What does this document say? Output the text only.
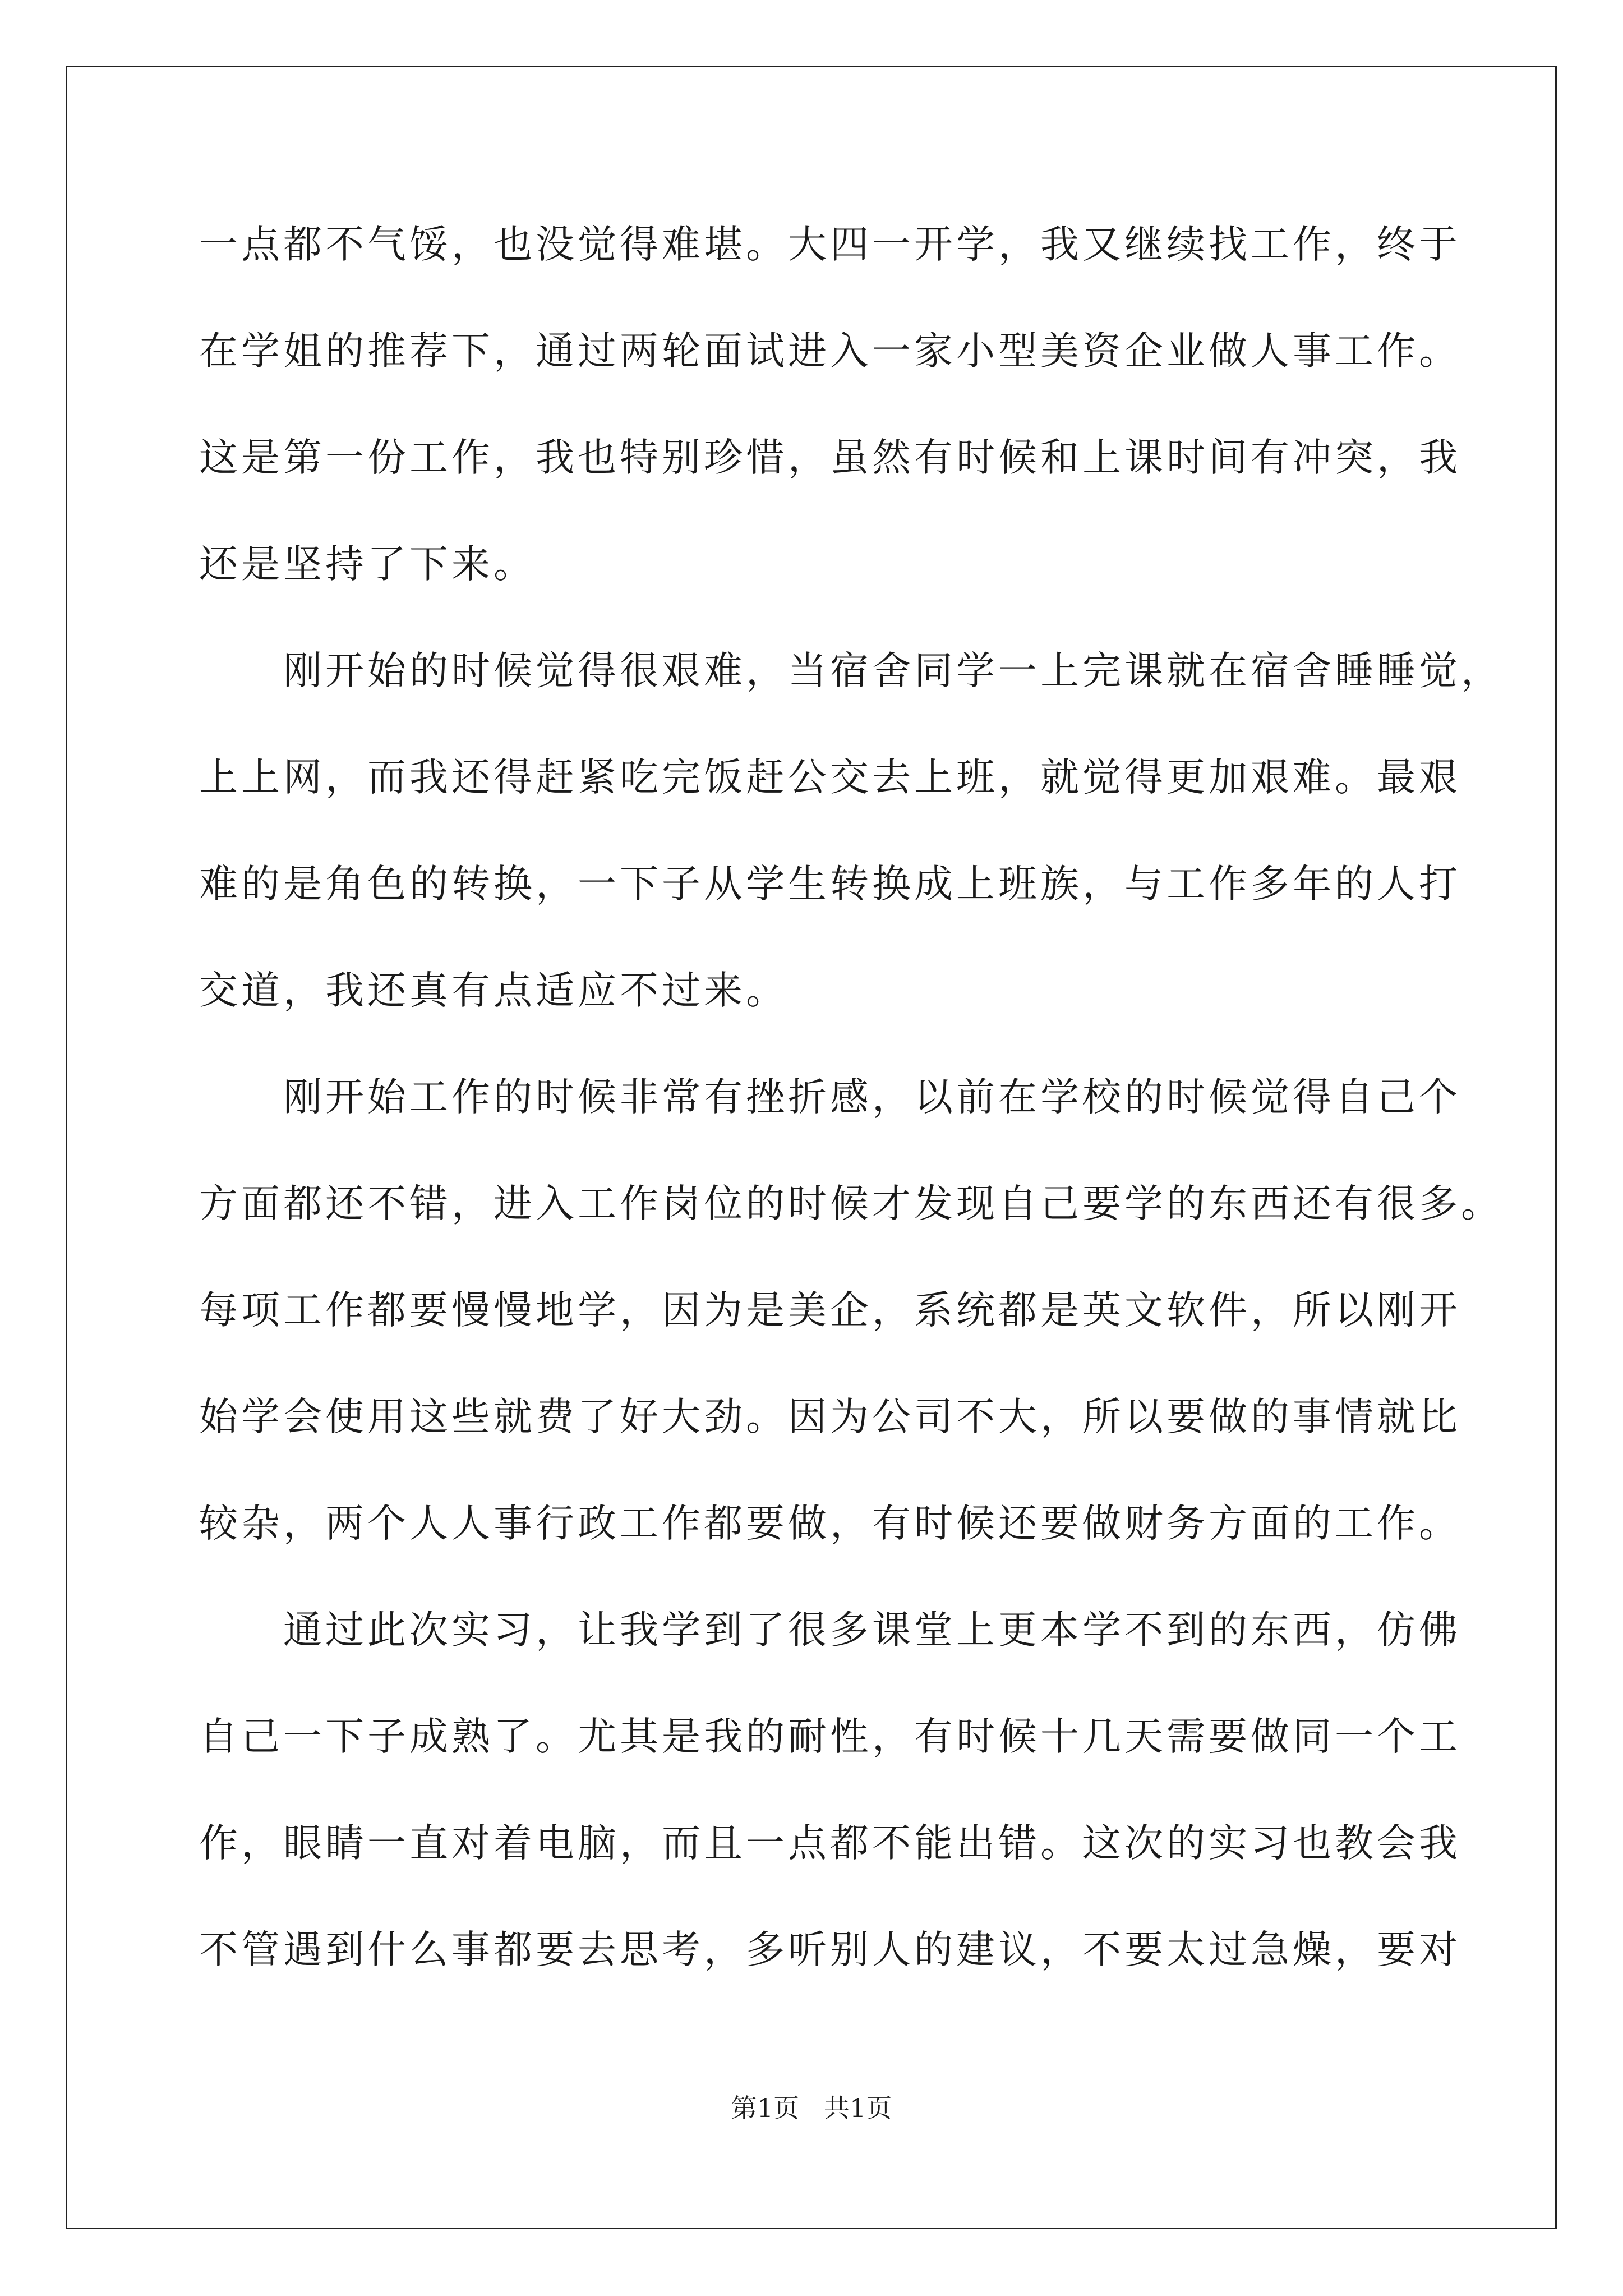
一点都不气馁，也没觉得难堪。大四一开学，我又继续找工作，终于
在学姐的推荐下，通过两轮面试进入一家小型美资企业做人事工作。
这是第一份工作，我也特别珍惜，虽然有时候和上课时间有冲突，我
还是坚持了下来。
刚开始的时候觉得很艰难，当宿舍同学一上完课就在宿舍睡睡觉，
上上网，而我还得赶紧吃完饭赶公交去上班，就觉得更加艰难。最艰
难的是角色的转换，一下子从学生转换成上班族，与工作多年的人打
交道，我还真有点适应不过来。
刚开始工作的时候非常有挫折感，以前在学校的时候觉得自己个
方面都还不错，进入工作岗位的时候才发现自己要学的东西还有很多。
每项工作都要慢慢地学，因为是美企，系统都是英文软件，所以刚开
始学会使用这些就费了好大劲。因为公司不大，所以要做的事情就比
较杂，两个人人事行政工作都要做，有时候还要做财务方面的工作。
通过此次实习，让我学到了很多课堂上更本学不到的东西，仿佛
自己一下子成熟了。尤其是我的耐性，有时候十几天需要做同一个工
作，眼睛一直对着电脑，而且一点都不能出错。这次的实习也教会我
不管遇到什么事都要去思考，多听别人的建议，不要太过急燥，要对
第1页 共1页
